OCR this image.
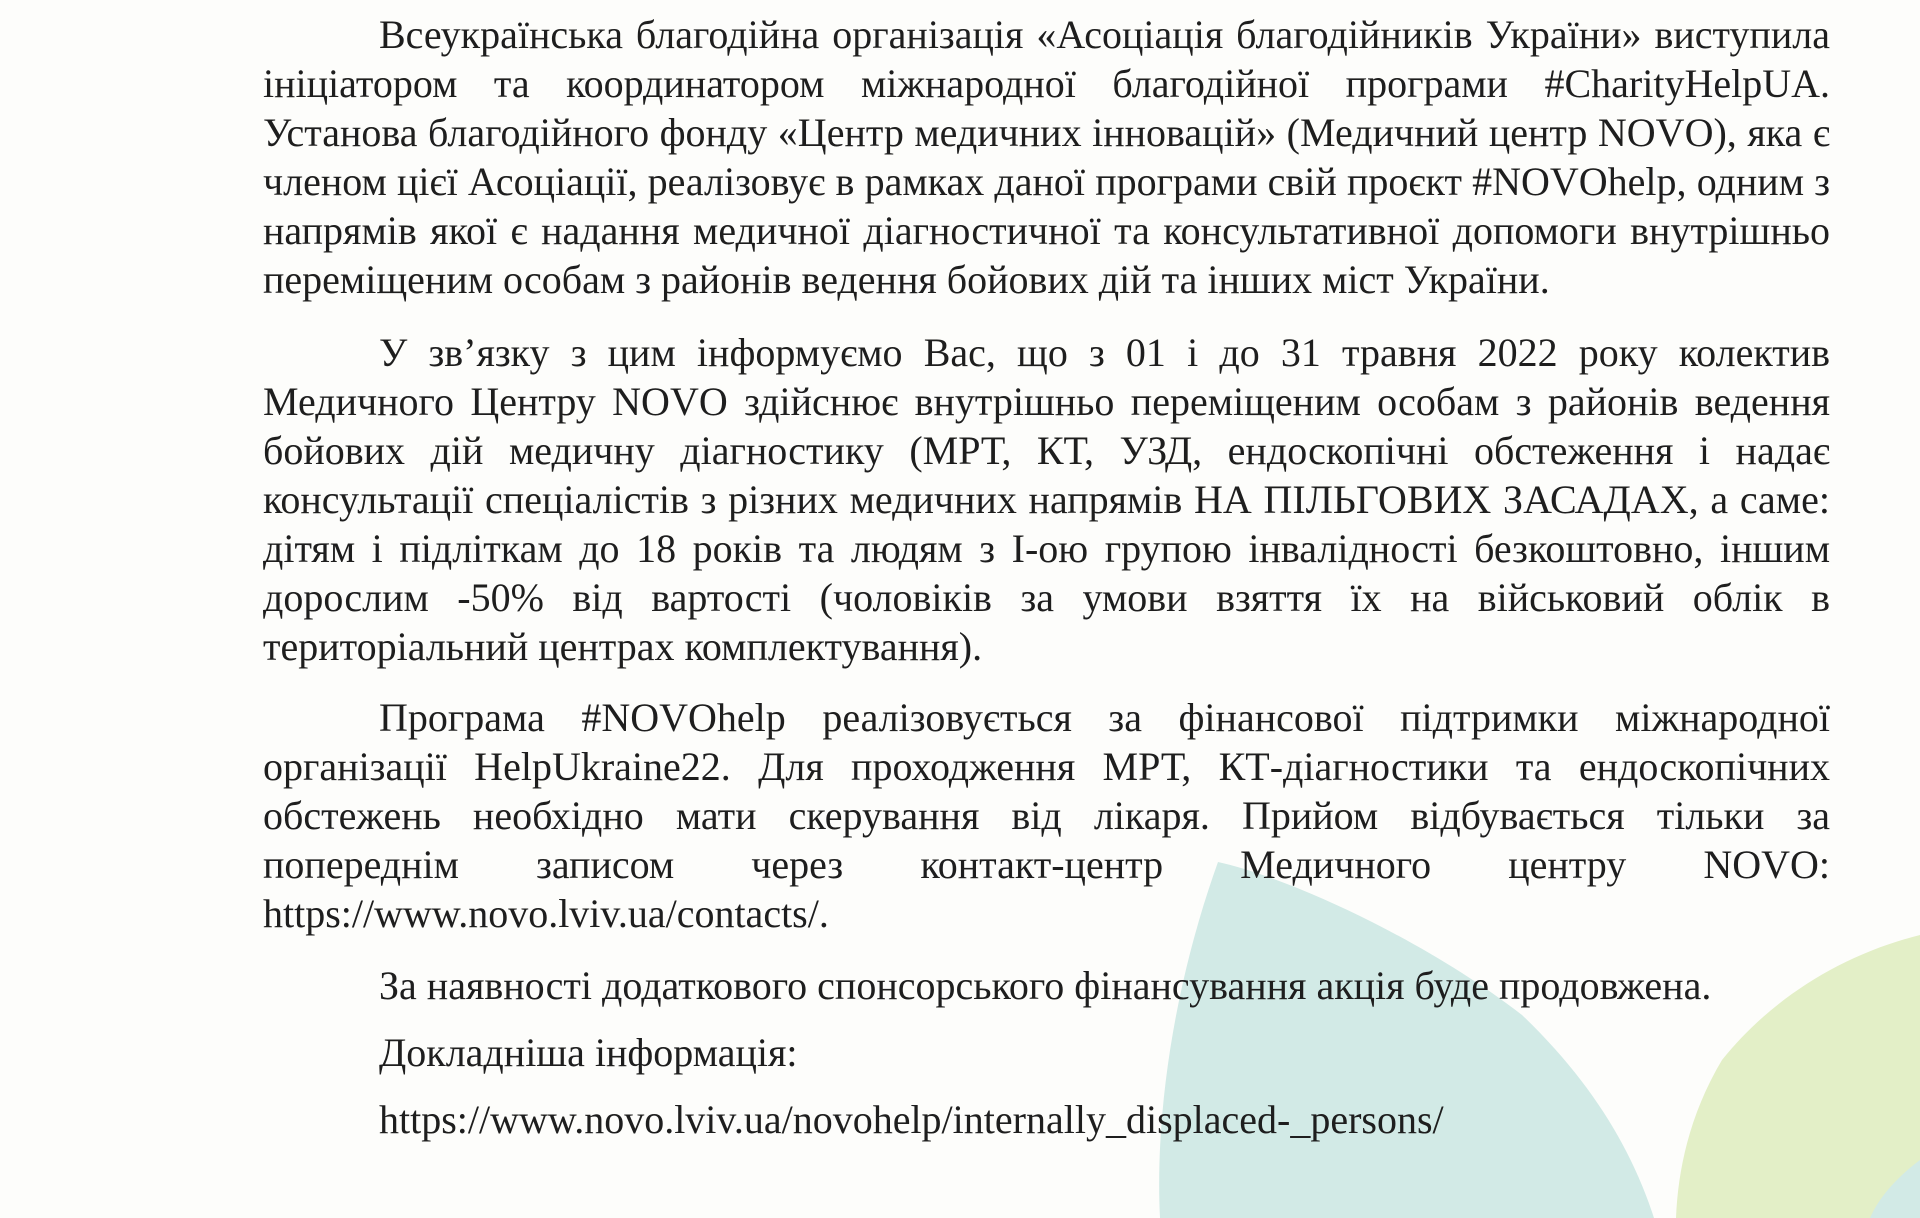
Всеукраїнська благодійна організація «Асоціація благодійників України» виступила ініціатором та координатором міжнародної благодійної програми #CharityHelpUA. Установа благодійного фонду «Центр медичних інновацій» (Медичний центр NOVO), яка є членом цієї Асоціації, реалізовує в рамках даної програми свій проєкт #NOVOhelp, одним з напрямів якої є надання медичної діагностичної та консультативної допомоги внутрішньо переміщеним особам з районів ведення бойових дій та інших міст України.

У зв’язку з цим інформуємо Вас, що з 01 і до 31 травня 2022 року колектив Медичного Центру NOVO здійснює внутрішньо переміщеним особам з районів ведення бойових дій медичну діагностику (МРТ, КТ, УЗД, ендоскопічні обстеження і надає консультації спеціалістів з різних медичних напрямів НА ПІЛЬГОВИХ ЗАСАДАХ, а саме: дітям і підліткам до 18 років та людям з І-ою групою інвалідності безкоштовно, іншим дорослим -50% від вартості (чоловіків за умови взяття їх на військовий облік в територіальний центрах комплектування).

Програма #NOVOhelp реалізовується за фінансової підтримки міжнародної організації HelpUkraine22. Для проходження МРТ, КТ-діагностики та ендоскопічних обстежень необхідно мати скерування від лікаря. Прийом відбувається тільки за попереднім записом через контакт-центр Медичного центру NOVO: https://www.novo.lviv.ua/contacts/.

За наявності додаткового спонсорського фінансування акція буде продовжена.

Докладніша інформація:

https://www.novo.lviv.ua/novohelp/internally_displaced-_persons/
